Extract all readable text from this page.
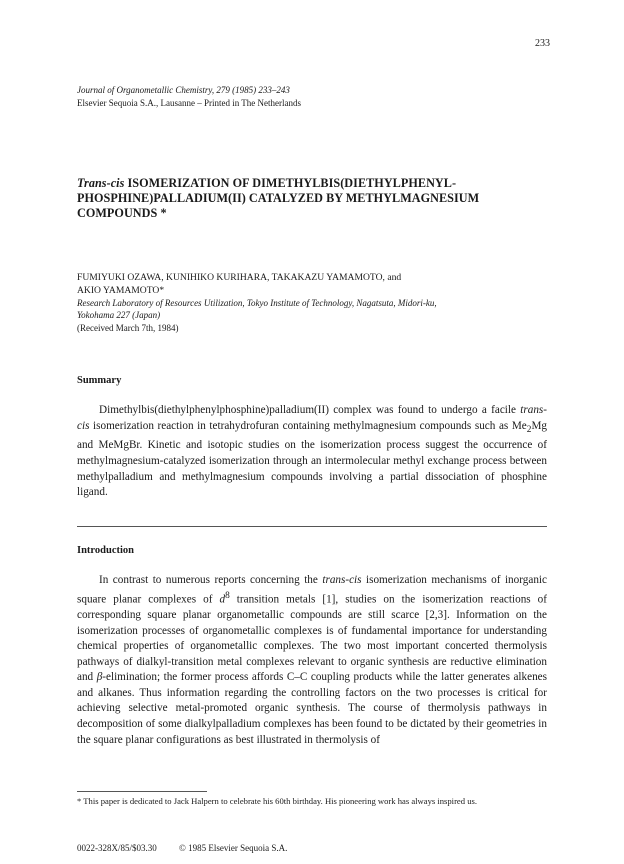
233
Journal of Organometallic Chemistry, 279 (1985) 233–243
Elsevier Sequoia S.A., Lausanne – Printed in The Netherlands
Trans-cis ISOMERIZATION OF DIMETHYLBIS(DIETHYLPHENYL-PHOSPHINE)PALLADIUM(II) CATALYZED BY METHYLMAGNESIUM COMPOUNDS *
FUMIYUKI OZAWA, KUNIHIKO KURIHARA, TAKAKAZU YAMAMOTO, and
AKIO YAMAMOTO*
Research Laboratory of Resources Utilization, Tokyo Institute of Technology, Nagatsuta, Midori-ku,
Yokohama 227 (Japan)
(Received March 7th, 1984)
Summary

Dimethylbis(diethylphenylphosphine)palladium(II) complex was found to undergo a facile trans-cis isomerization reaction in tetrahydrofuran containing methylmagnesium compounds such as $Me_2Mg$ and MeMgBr. Kinetic and isotopic studies on the isomerization process suggest the occurrence of methylmagnesium-catalyzed isomerization through an intermolecular methyl exchange process between methylpalladium and methylmagnesium compounds involving a partial dissociation of phosphine ligand.

Introduction

In contrast to numerous reports concerning the trans-cis isomerization mechanisms of inorganic square planar complexes of $d^8$ transition metals [1], studies on the isomerization reactions of corresponding square planar organometallic compounds are still scarce [2,3]. Information on the isomerization processes of organometallic complexes is of fundamental importance for understanding chemical properties of organometallic complexes. The two most important concerted thermolysis pathways of dialkyl-transition metal complexes relevant to organic synthesis are reductive elimination and β-elimination; the former process affords C–C coupling products while the latter generates alkenes and alkanes. Thus information regarding the controlling factors on the two processes is critical for achieving selective metal-promoted organic synthesis. The course of thermolysis pathways in decomposition of some dialkylpalladium complexes has been found to be dictated by their geometries in the square planar configurations as best illustrated in thermolysis of

* This paper is dedicated to Jack Halpern to celebrate his 60th birthday. His pioneering work has always inspired us.
0022-328X/85/$03.30 © 1985 Elsevier Sequoia S.A.
